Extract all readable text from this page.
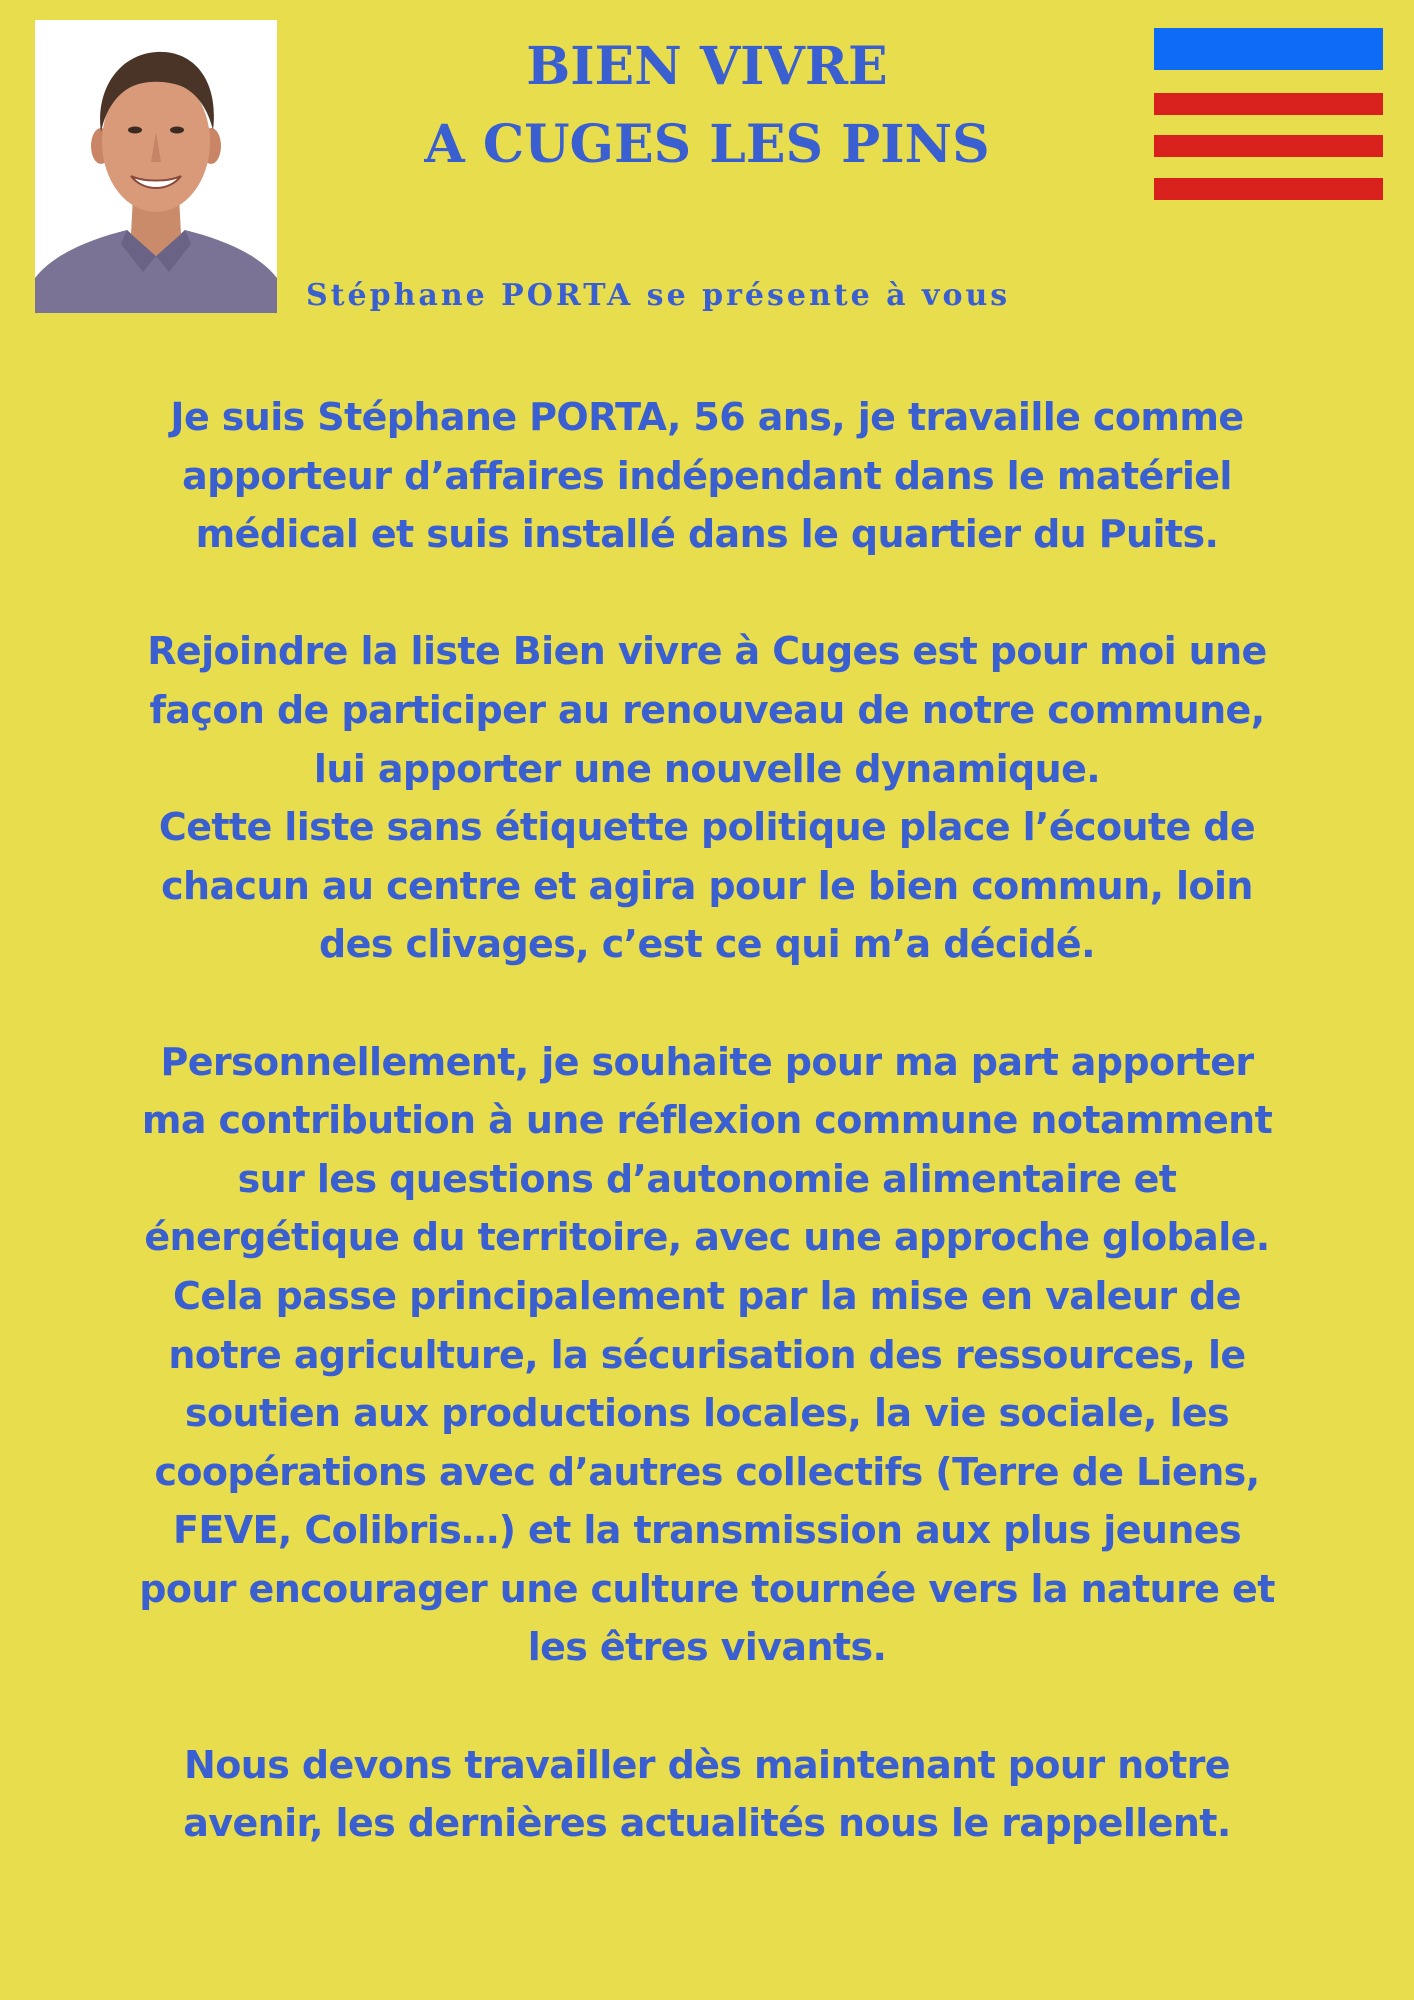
BIEN VIVRE
A CUGES LES PINS
Stéphane PORTA se présente à vous
Je suis Stéphane PORTA, 56 ans, je travaille comme
apporteur d’affaires indépendant dans le matériel
médical et suis installé dans le quartier du Puits.
Rejoindre la liste Bien vivre à Cuges est pour moi une
façon de participer au renouveau de notre commune,
lui apporter une nouvelle dynamique.
Cette liste sans étiquette politique place l’écoute de
chacun au centre et agira pour le bien commun, loin
des clivages, c’est ce qui m’a décidé.
Personnellement, je souhaite pour ma part apporter
ma contribution à une réflexion commune notamment
sur les questions d’autonomie alimentaire et
énergétique du territoire, avec une approche globale.
Cela passe principalement par la mise en valeur de
notre agriculture, la sécurisation des ressources, le
soutien aux productions locales, la vie sociale, les
coopérations avec d’autres collectifs (Terre de Liens,
FEVE, Colibris…) et la transmission aux plus jeunes
pour encourager une culture tournée vers la nature et
les êtres vivants.
Nous devons travailler dès maintenant pour notre
avenir, les dernières actualités nous le rappellent.
